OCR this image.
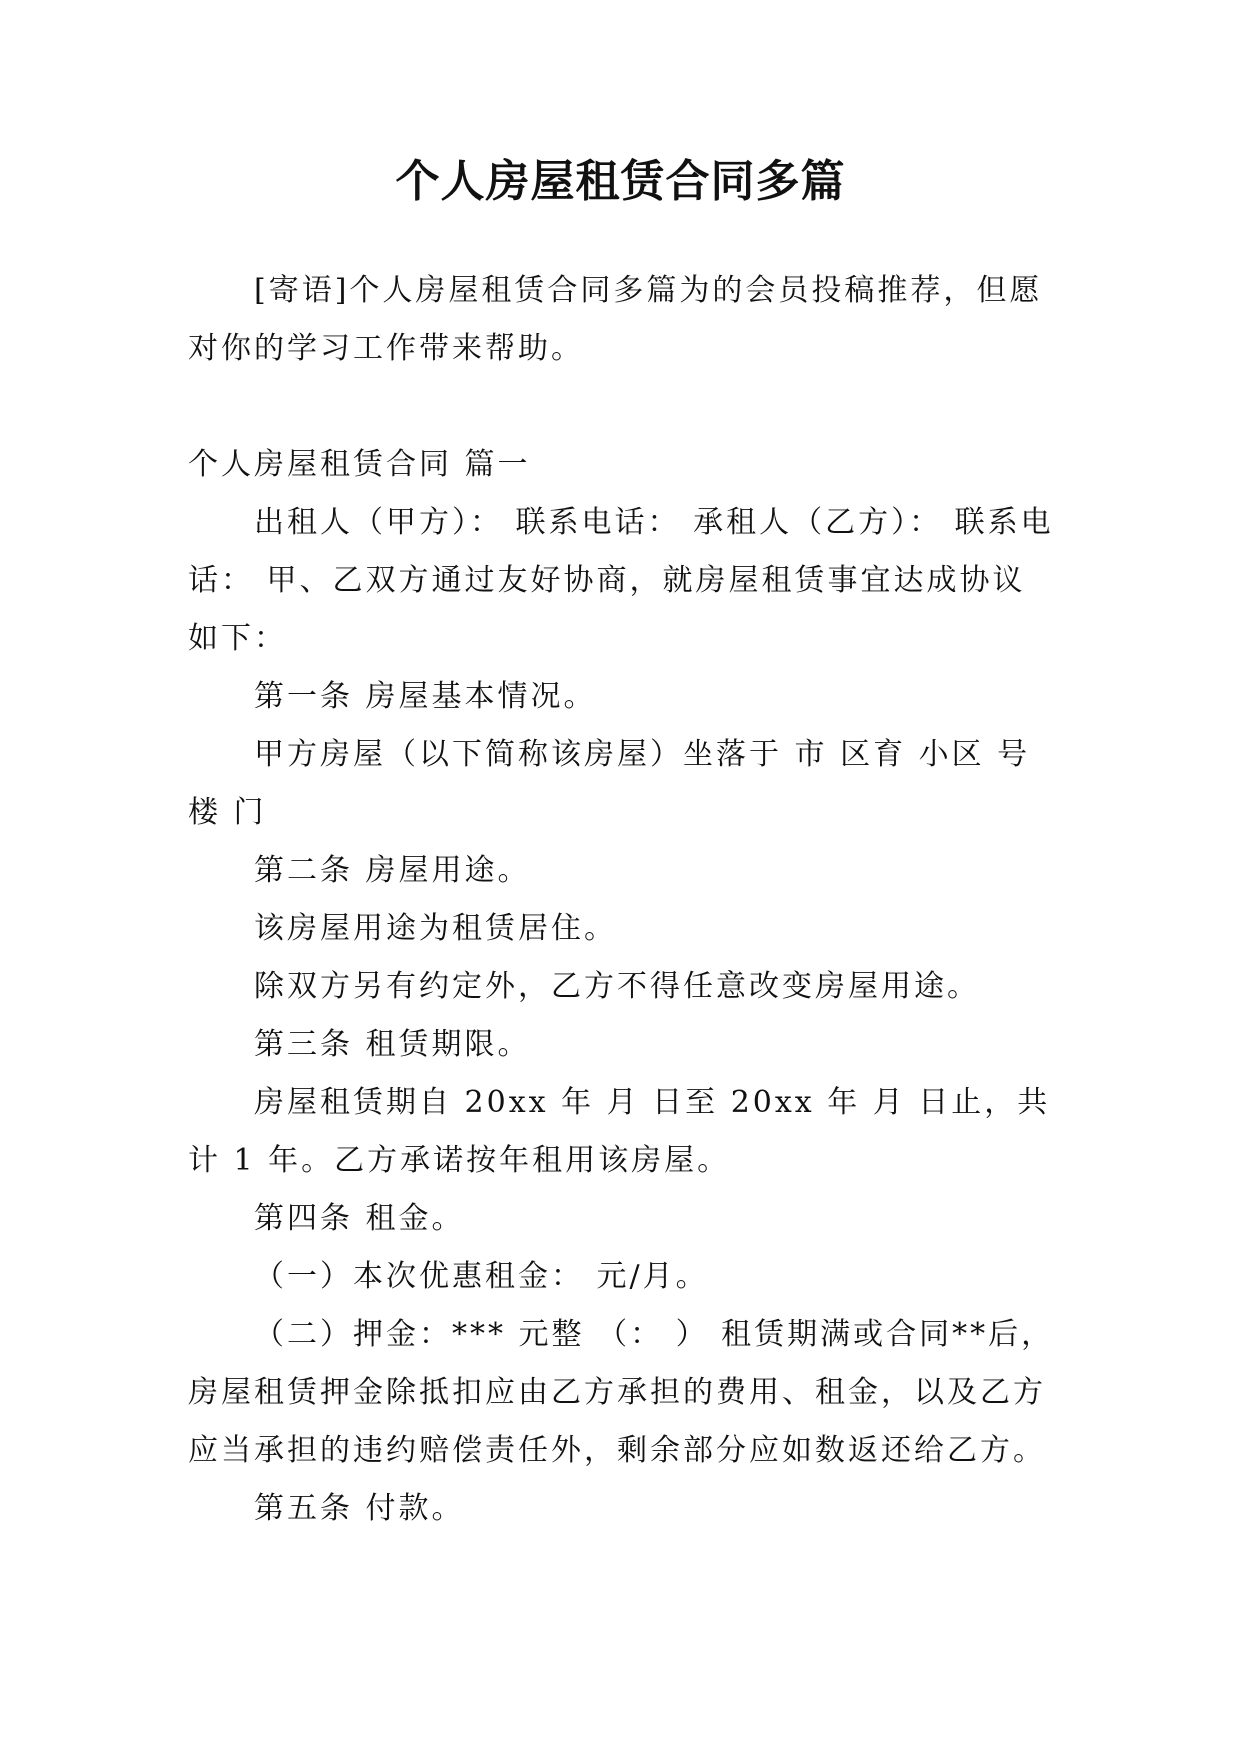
个人房屋租赁合同多篇

[寄语]个人房屋租赁合同多篇为的会员投稿推荐，但愿对你的学习工作带来帮助。

个人房屋租赁合同 篇一

出租人（甲方）： 联系电话： 承租人（乙方）： 联系电话： 甲、乙双方通过友好协商，就房屋租赁事宜达成协议如下：

第一条 房屋基本情况。

甲方房屋（以下简称该房屋）坐落于 市 区育 小区 号楼 门

第二条 房屋用途。

该房屋用途为租赁居住。

除双方另有约定外，乙方不得任意改变房屋用途。

第三条 租赁期限。

房屋租赁期自 20xx 年 月 日至 20xx 年 月 日止，共计 1 年。乙方承诺按年租用该房屋。

第四条 租金。

（一）本次优惠租金： 元/月。

（二）押金：*** 元整 （： ） 租赁期满或合同**后，房屋租赁押金除抵扣应由乙方承担的费用、租金，以及乙方应当承担的违约赔偿责任外，剩余部分应如数返还给乙方。

第五条 付款。
